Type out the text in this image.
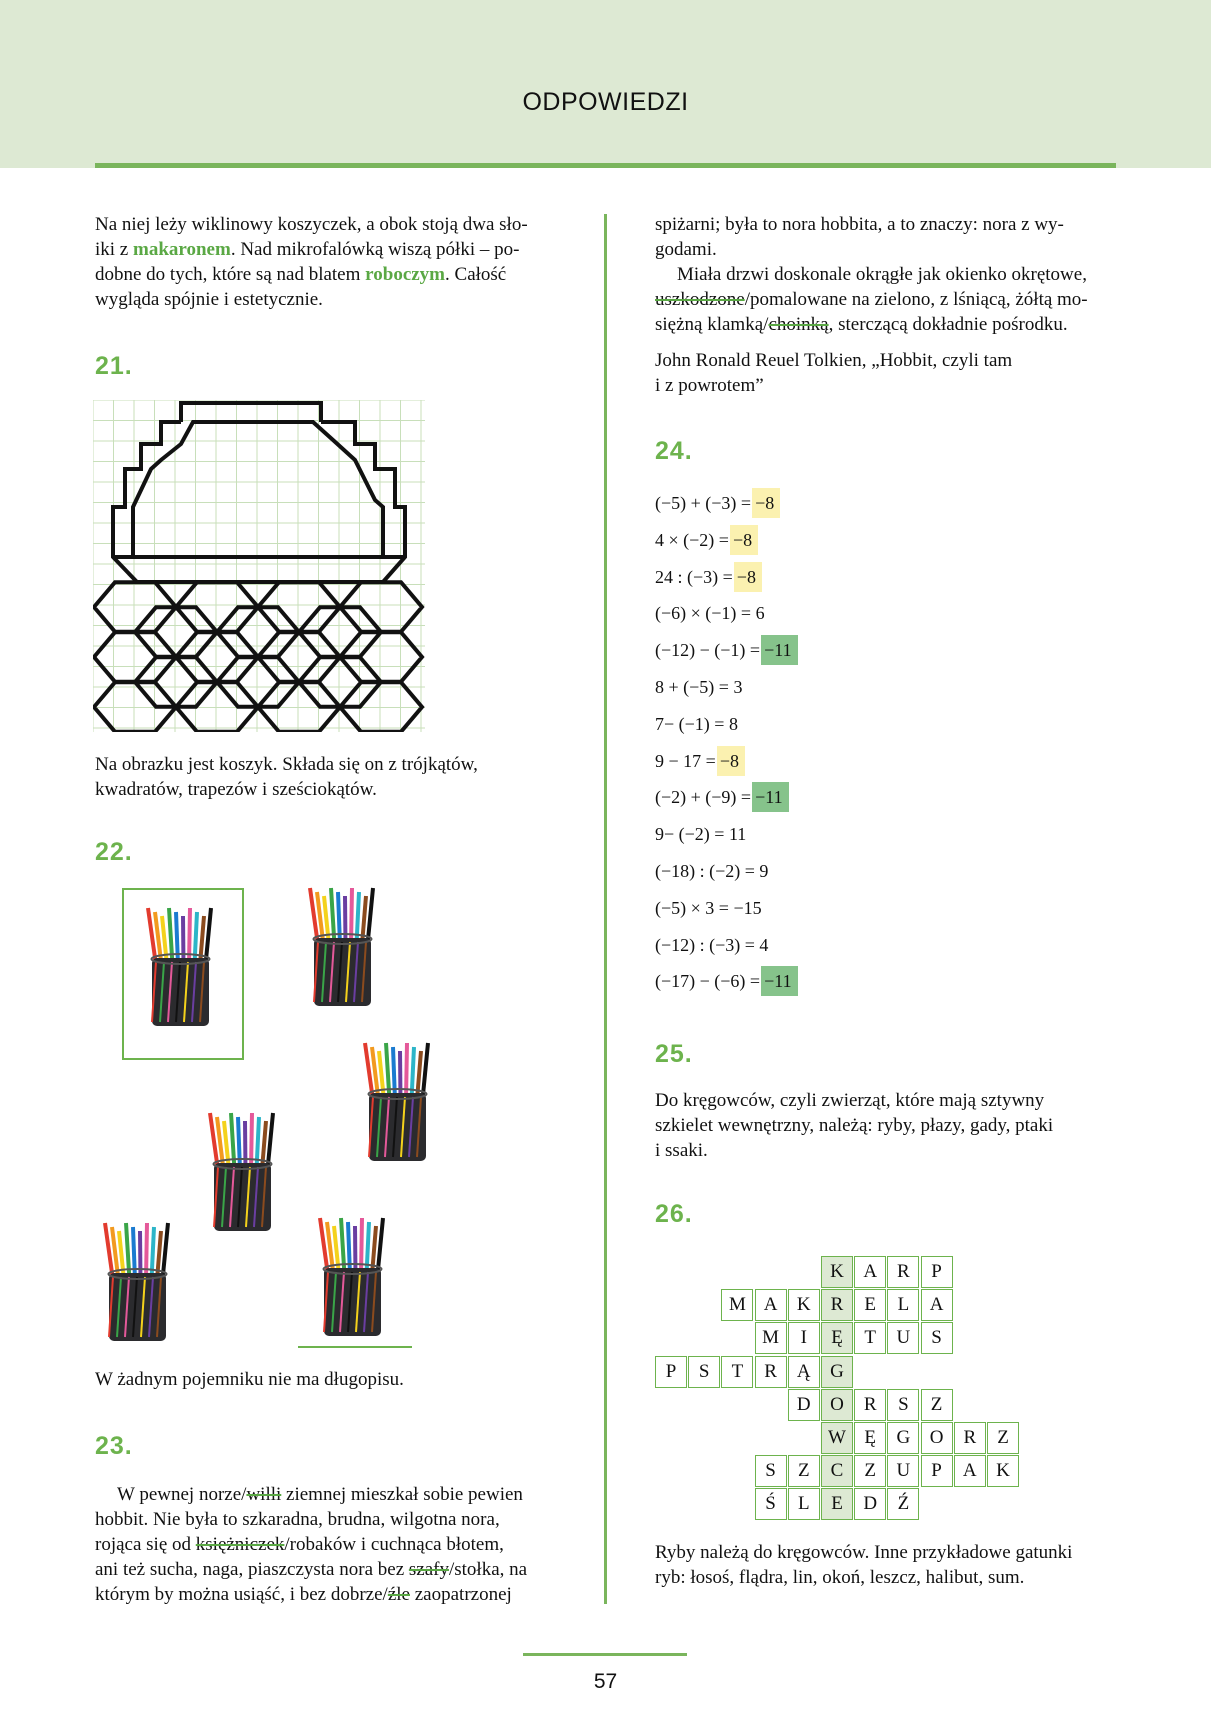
ODPOWIEDZI
Na niej leży wiklinowy koszyczek, a obok stoją dwa sło-
iki z makaronem. Nad mikrofalówką wiszą półki – po-
dobne do tych, które są nad blatem roboczym. Całość
wygląda spójnie i estetycznie.
21.
Na obrazku jest koszyk. Składa się on z trójkątów,
kwadratów, trapezów i sześciokątów.
22.
W żadnym pojemniku nie ma długopisu.
23.
W pewnej norze/willi ziemnej mieszkał sobie pewien
hobbit. Nie była to szkaradna, brudna, wilgotna nora,
rojąca się od księżniczek/robaków i cuchnąca błotem,
ani też sucha, naga, piaszczysta nora bez szafy/stołka, na
którym by można usiąść, i bez dobrze/źle zaopatrzonej
spiżarni; była to nora hobbita, a to znaczy: nora z wy-
godami.
Miała drzwi doskonale okrągłe jak okienko okrętowe,
uszkodzone/pomalowane na zielono, z lśniącą, żółtą mo-
siężną klamką/choinką, sterczącą dokładnie pośrodku.
John Ronald Reuel Tolkien, „Hobbit, czyli tam
i z powrotem”
24.
(−5) + (−3) = −8
4 × (−2) = −8
24 : (−3) = −8
(−6) × (−1) = 6
(−12) − (−1) = −11
8 + (−5) = 3
7− (−1) = 8
9 − 17 = −8
(−2) + (−9) = −11
9− (−2) = 11
(−18) : (−2) = 9
(−5) × 3 = −15
(−12) : (−3) = 4
(−17) − (−6) = −11
25.
Do kręgowców, czyli zwierząt, które mają sztywny
szkielet wewnętrzny, należą: ryby, płazy, gady, ptaki
i ssaki.
26.
K	A	R	P
M A	K	R	E	L	A
M	I	Ę	T	U	S
P	S	T	R	Ą	G
D	O	R	S	Z
W Ę	G	O	R	Z
S	Z	C	Z	U	P	A	K
Ś	L	E	D	Ź
Ryby należą do kręgowców. Inne przykładowe gatunki
ryb: łosoś, flądra, lin, okoń, leszcz, halibut, sum.
57
